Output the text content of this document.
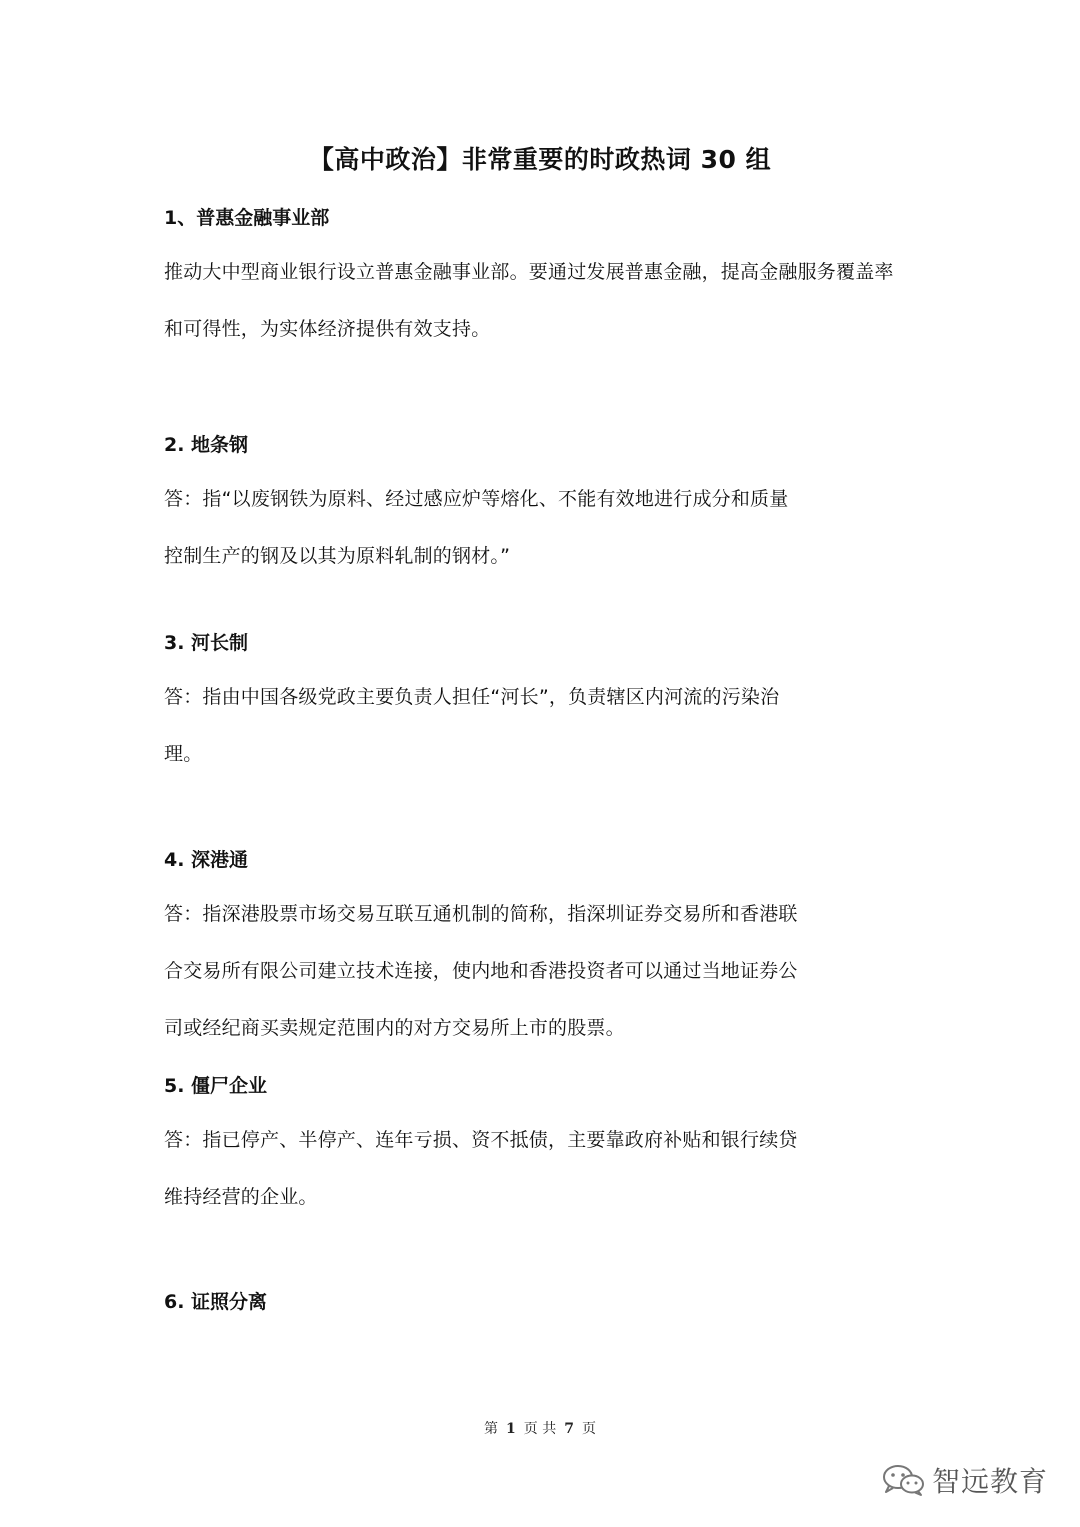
【高中政治】非常重要的时政热词 30 组
1、普惠金融事业部
推动大中型商业银行设立普惠金融事业部。要通过发展普惠金融，提高金融服务覆盖率
和可得性，为实体经济提供有效支持。
2. 地条钢
答：指“以废钢铁为原料、经过感应炉等熔化、不能有效地进行成分和质量
控制生产的钢及以其为原料轧制的钢材。”
3. 河长制
答：指由中国各级党政主要负责人担任“河长”，负责辖区内河流的污染治
理。
4. 深港通
答：指深港股票市场交易互联互通机制的简称，指深圳证券交易所和香港联
合交易所有限公司建立技术连接，使内地和香港投资者可以通过当地证券公
司或经纪商买卖规定范围内的对方交易所上市的股票。
5. 僵尸企业
答：指已停产、半停产、连年亏损、资不抵债，主要靠政府补贴和银行续贷
维持经营的企业。
6. 证照分离
第 1 页 共 7 页
智远教育
